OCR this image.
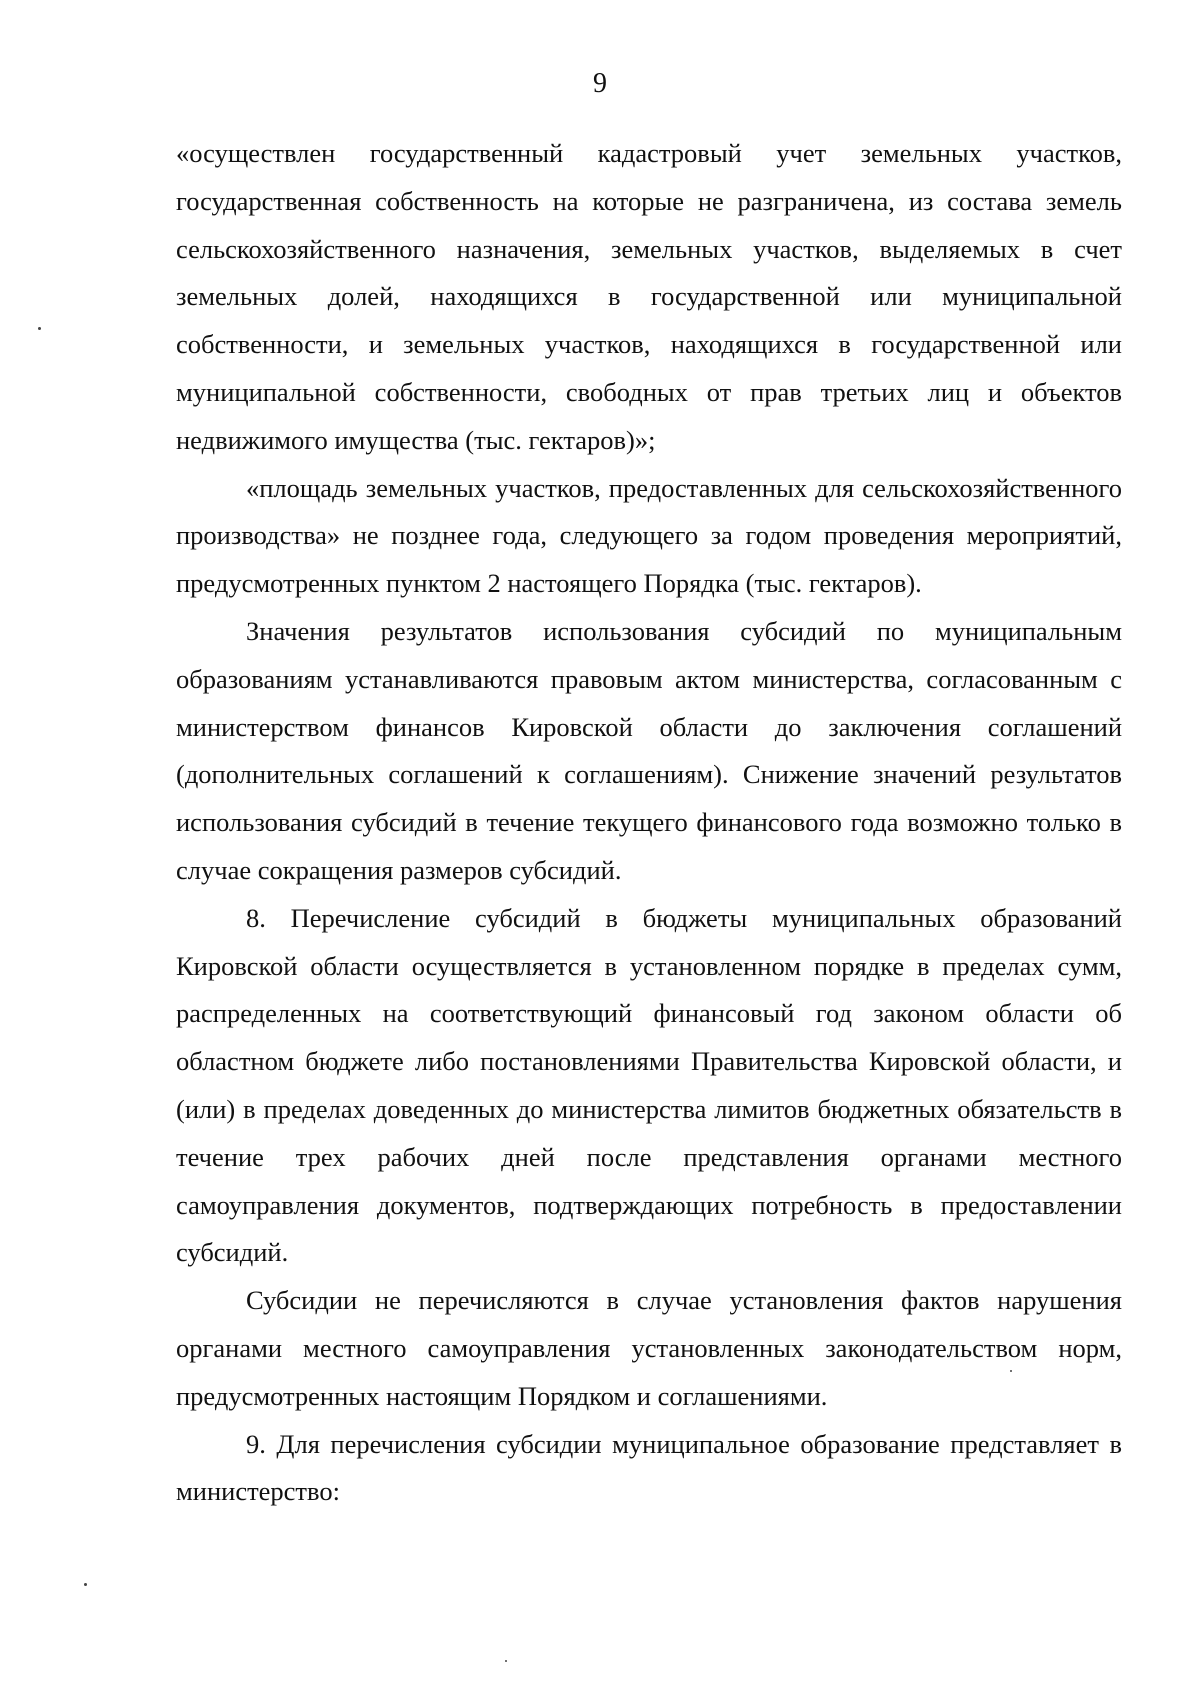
9

«осуществлен государственный кадастровый учет земельных участков, государственная собственность на которые не разграничена, из состава земель сельскохозяйственного назначения, земельных участков, выделяемых в счет земельных долей, находящихся в государственной или муниципальной собственности, и земельных участков, находящихся в государственной или муниципальной собственности, свободных от прав третьих лиц и объектов недвижимого имущества (тыс. гектаров)»;

«площадь земельных участков, предоставленных для сельскохозяйственного производства» не позднее года, следующего за годом проведения мероприятий, предусмотренных пунктом 2 настоящего Порядка (тыс. гектаров).

Значения результатов использования субсидий по муниципальным образованиям устанавливаются правовым актом министерства, согласованным с министерством финансов Кировской области до заключения соглашений (дополнительных соглашений к соглашениям). Снижение значений результатов использования субсидий в течение текущего финансового года возможно только в случае сокращения размеров субсидий.

8. Перечисление субсидий в бюджеты муниципальных образований Кировской области осуществляется в установленном порядке в пределах сумм, распределенных на соответствующий финансовый год законом области об областном бюджете либо постановлениями Правительства Кировской области, и (или) в пределах доведенных до министерства лимитов бюджетных обязательств в течение трех рабочих дней после представления органами местного самоуправления документов, подтверждающих потребность в предоставлении субсидий.

Субсидии не перечисляются в случае установления фактов нарушения органами местного самоуправления установленных законодательством норм, предусмотренных настоящим Порядком и соглашениями.

9. Для перечисления субсидии муниципальное образование представляет в министерство:
